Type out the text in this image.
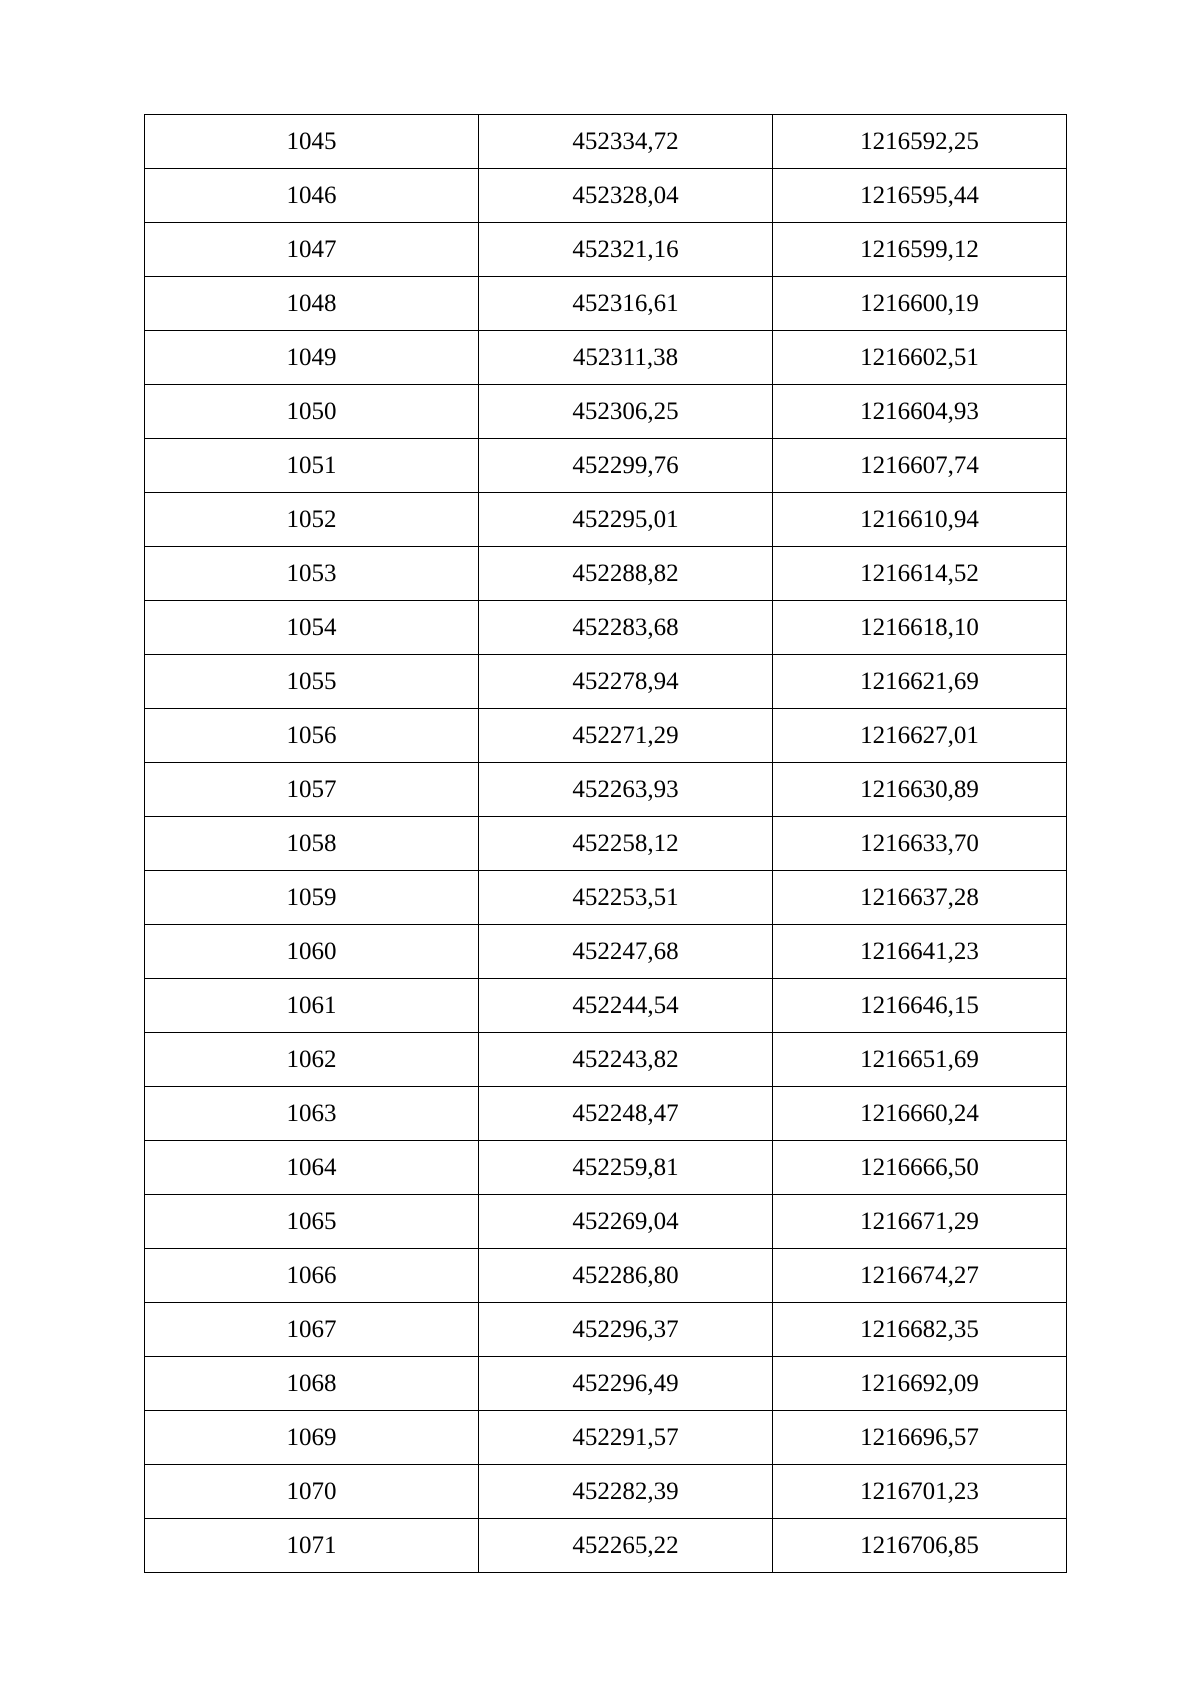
1045	452334,72	1216592,25
1046	452328,04	1216595,44
1047	452321,16	1216599,12
1048	452316,61	1216600,19
1049	452311,38	1216602,51
1050	452306,25	1216604,93
1051	452299,76	1216607,74
1052	452295,01	1216610,94
1053	452288,82	1216614,52
1054	452283,68	1216618,10
1055	452278,94	1216621,69
1056	452271,29	1216627,01
1057	452263,93	1216630,89
1058	452258,12	1216633,70
1059	452253,51	1216637,28
1060	452247,68	1216641,23
1061	452244,54	1216646,15
1062	452243,82	1216651,69
1063	452248,47	1216660,24
1064	452259,81	1216666,50
1065	452269,04	1216671,29
1066	452286,80	1216674,27
1067	452296,37	1216682,35
1068	452296,49	1216692,09
1069	452291,57	1216696,57
1070	452282,39	1216701,23
1071	452265,22	1216706,85
